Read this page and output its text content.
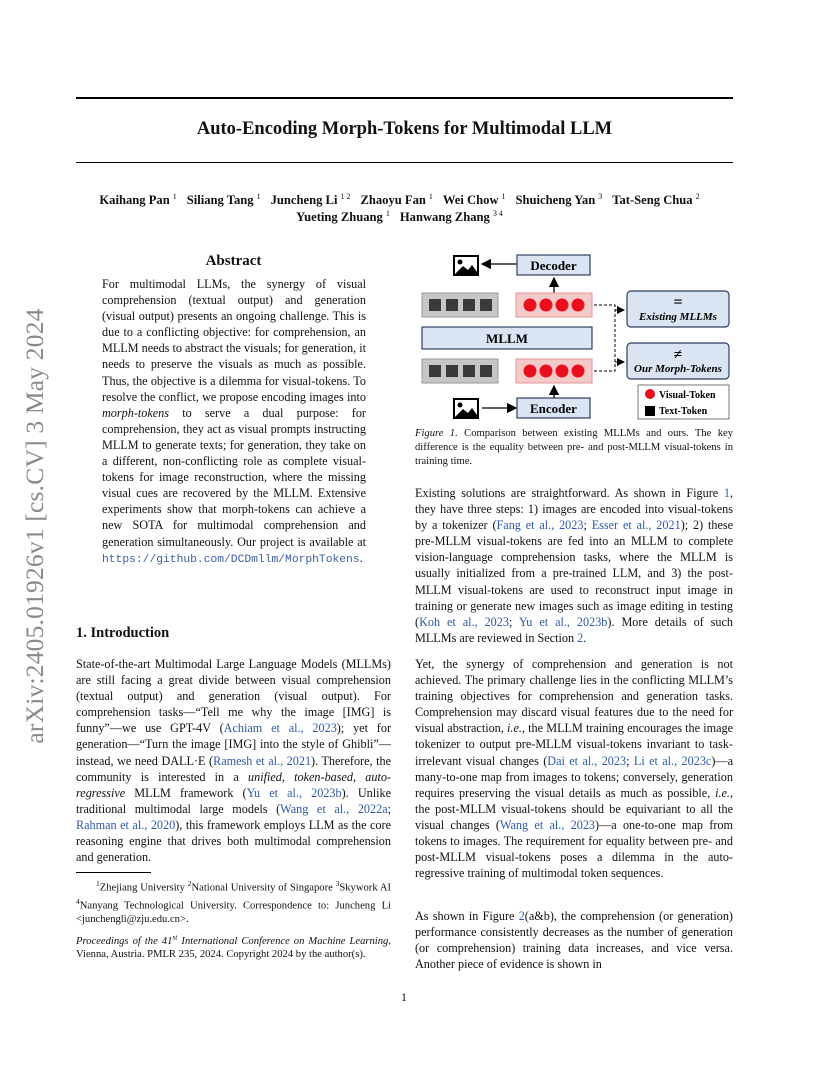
arXiv:2405.01926v1 [cs.CV] 3 May 2024
Auto-Encoding Morph-Tokens for Multimodal LLM
Kaihang Pan $^1$ Siliang Tang $^1$ Juncheng Li $^{1 2}$ Zhaoyu Fan $^1$ Wei Chow $^1$ Shuicheng Yan $^3$ Tat-Seng Chua $^2$
Yueting Zhuang $^1$ Hanwang Zhang $^{3 4}$
Abstract
For multimodal LLMs, the synergy of visual comprehension (textual output) and generation (visual output) presents an ongoing challenge. This is due to a conflicting objective: for comprehension, an MLLM needs to abstract the visuals; for generation, it needs to preserve the visuals as much as possible. Thus, the objective is a dilemma for visual-tokens. To resolve the conflict, we propose encoding images into morph-tokens to serve a dual purpose: for comprehension, they act as visual prompts instructing MLLM to generate texts; for generation, they take on a different, non-conflicting role as complete visual-tokens for image reconstruction, where the missing visual cues are recovered by the MLLM. Extensive experiments show that morph-tokens can achieve a new SOTA for multimodal comprehension and generation simultaneously. Our project is available at https://github.com/DCDmllm/MorphTokens.
1. Introduction
State-of-the-art Multimodal Large Language Models (MLLMs) are still facing a great divide between visual comprehension (textual output) and generation (visual output). For comprehension tasks—“Tell me why the image [IMG] is funny”—we use GPT-4V (Achiam et al., 2023); yet for generation—“Turn the image [IMG] into the style of Ghibli”—instead, we need DALL·E (Ramesh et al., 2021). Therefore, the community is interested in a unified, token-based, auto-regressive MLLM framework (Yu et al., 2023b). Unlike traditional multimodal large models (Wang et al., 2022a; Rahman et al., 2020), this framework employs LLM as the core reasoning engine that drives both multimodal comprehension and generation.
$^1$Zhejiang University $^2$National University of Singapore $^3$Skywork AI $^4$Nanyang Technological University. Correspondence to: Juncheng Li <junchengli@zju.edu.cn>.
Proceedings of the 41st International Conference on Machine Learning, Vienna, Austria. PMLR 235, 2024. Copyright 2024 by the author(s).
Decoder
MLLM
Encoder
=
Existing MLLMs
≠
Our Morph-Tokens
Visual-Token
Text-Token
Figure 1. Comparison between existing MLLMs and ours. The key difference is the equality between pre- and post-MLLM visual-tokens in training time.
Existing solutions are straightforward. As shown in Figure 1, they have three steps: 1) images are encoded into visual-tokens by a tokenizer (Fang et al., 2023; Esser et al., 2021); 2) these pre-MLLM visual-tokens are fed into an MLLM to complete vision-language comprehension tasks, where the MLLM is usually initialized from a pre-trained LLM, and 3) the post-MLLM visual-tokens are used to reconstruct input image in training or generate new images such as image editing in testing (Koh et al., 2023; Yu et al., 2023b). More details of such MLLMs are reviewed in Section 2.
Yet, the synergy of comprehension and generation is not achieved. The primary challenge lies in the conflicting MLLM’s training objectives for comprehension and generation tasks. Comprehension may discard visual features due to the need for visual abstraction, i.e., the MLLM training encourages the image tokenizer to output pre-MLLM visual-tokens invariant to task-irrelevant visual changes (Dai et al., 2023; Li et al., 2023c)—a many-to-one map from images to tokens; conversely, generation requires preserving the visual details as much as possible, i.e., the post-MLLM visual-tokens should be equivariant to all the visual changes (Wang et al., 2023)—a one-to-one map from tokens to images. The requirement for equality between pre- and post-MLLM visual-tokens poses a dilemma in the auto-regressive training of multimodal token sequences.
As shown in Figure 2(a&b), the comprehension (or generation) performance consistently decreases as the number of generation (or comprehension) training data increases, and vice versa. Another piece of evidence is shown in
1
